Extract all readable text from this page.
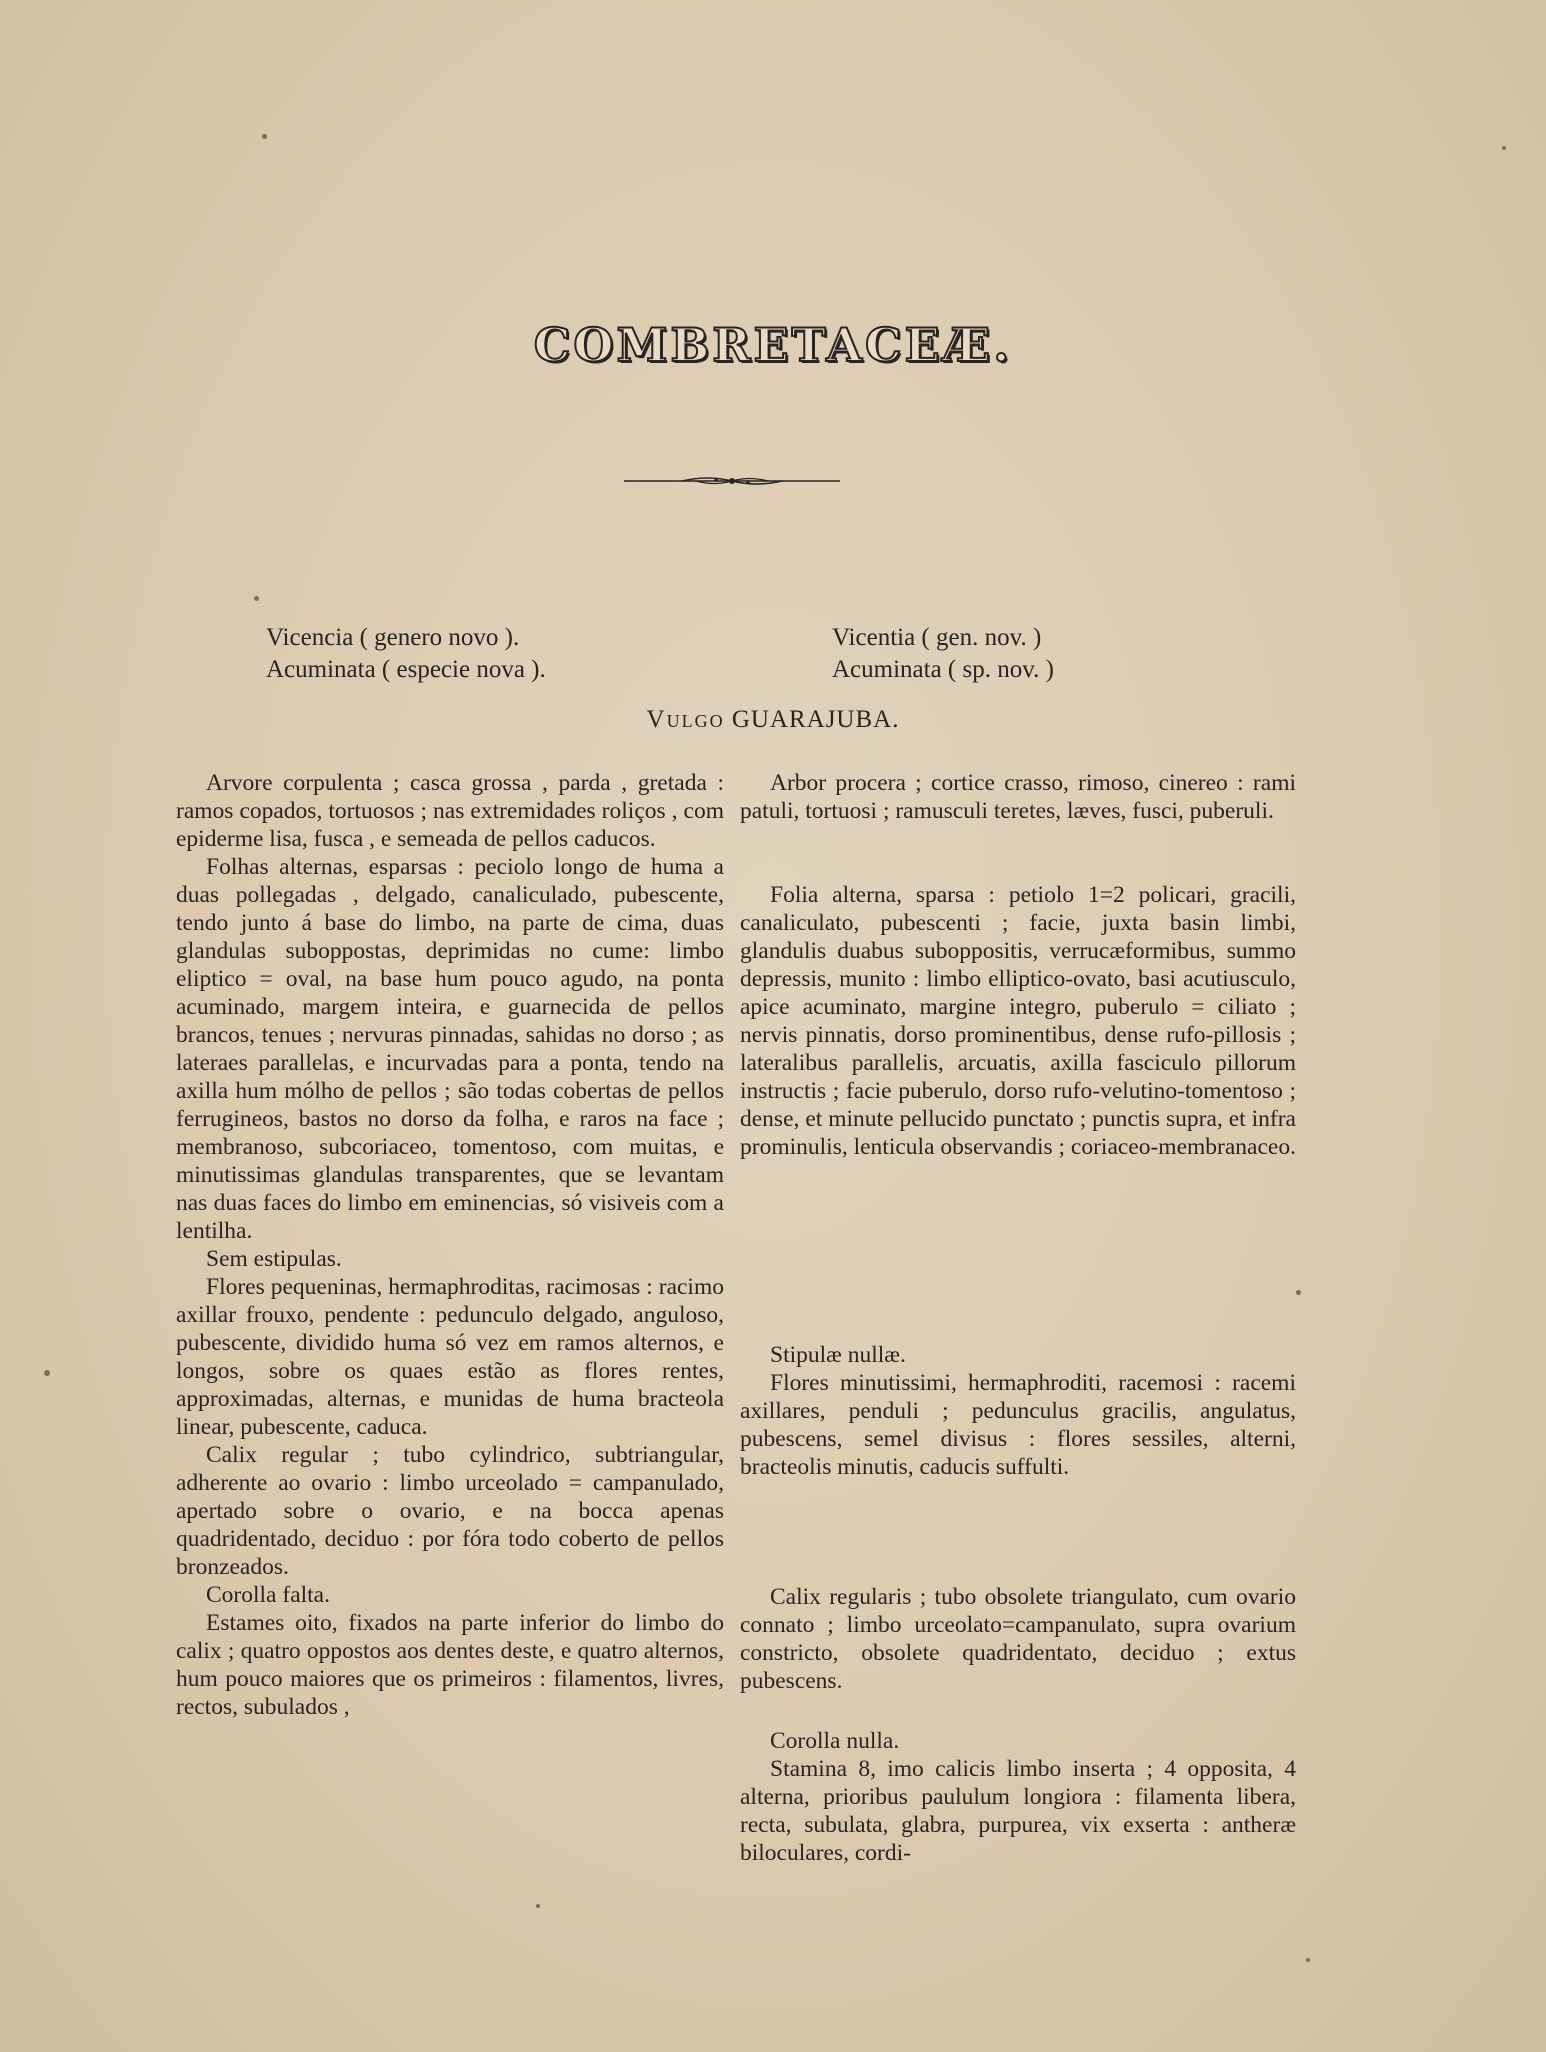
COMBRETACEÆ.
Vicencia ( genero novo ).
Acuminata ( especie nova ).
Vicentia ( gen. nov. )
Acuminata ( sp. nov. )
Vulgo GUARAJUBA.

Arvore corpulenta ; casca grossa , parda , gretada : ramos copados, tortuosos ; nas extremidades roliços , com epiderme lisa, fusca , e semeada de pellos caducos.

Folhas alternas, esparsas : peciolo longo de huma a duas pollegadas , delgado, canaliculado, pubescente, tendo junto á base do limbo, na parte de cima, duas glandulas suboppostas, deprimidas no cume: limbo eliptico = oval, na base hum pouco agudo, na ponta acuminado, margem inteira, e guarnecida de pellos brancos, tenues ; nervuras pinnadas, sahidas no dorso ; as lateraes parallelas, e incurvadas para a ponta, tendo na axilla hum mólho de pellos ; são todas cobertas de pellos ferrugineos, bastos no dorso da folha, e raros na face ; membranoso, subcoriaceo, tomentoso, com muitas, e minutissimas glandulas transparentes, que se levantam nas duas faces do limbo em eminencias, só visiveis com a lentilha.

Sem estipulas.

Flores pequeninas, hermaphroditas, racimosas : racimo axillar frouxo, pendente : pedunculo delgado, anguloso, pubescente, dividido huma só vez em ramos alternos, e longos, sobre os quaes estão as flores rentes, approximadas, alternas, e munidas de huma bracteola linear, pubescente, caduca.

Calix regular ; tubo cylindrico, subtriangular, adherente ao ovario : limbo urceolado = campanulado, apertado sobre o ovario, e na bocca apenas quadridentado, deciduo : por fóra todo coberto de pellos bronzeados.

Corolla falta.

Estames oito, fixados na parte inferior do limbo do calix ; quatro oppostos aos dentes deste, e quatro alternos, hum pouco maiores que os primeiros : filamentos, livres, rectos, subulados ,

Arbor procera ; cortice crasso, rimoso, cinereo : rami patuli, tortuosi ; ramusculi teretes, læves, fusci, puberuli.

Folia alterna, sparsa : petiolo 1=2 policari, gracili, canaliculato, pubescenti ; facie, juxta basin limbi, glandulis duabus suboppositis, verrucæformibus, summo depressis, munito : limbo elliptico-ovato, basi acutiusculo, apice acuminato, margine integro, puberulo = ciliato ; nervis pinnatis, dorso prominentibus, dense rufo-pillosis ; lateralibus parallelis, arcuatis, axilla fasciculo pillorum instructis ; facie puberulo, dorso rufo-velutino-tomentoso ; dense, et minute pellucido punctato ; punctis supra, et infra prominulis, lenticula observandis ; coriaceo-membranaceo.

Stipulæ nullæ.

Flores minutissimi, hermaphroditi, racemosi : racemi axillares, penduli ; pedunculus gracilis, angulatus, pubescens, semel divisus : flores sessiles, alterni, bracteolis minutis, caducis suffulti.

Calix regularis ; tubo obsolete triangulato, cum ovario connato ; limbo urceolato=campanulato, supra ovarium constricto, obsolete quadridentato, deciduo ; extus pubescens.

Corolla nulla.

Stamina 8, imo calicis limbo inserta ; 4 opposita, 4 alterna, prioribus paululum longiora : filamenta libera, recta, subulata, glabra, purpurea, vix exserta : antheræ biloculares, cordi-
